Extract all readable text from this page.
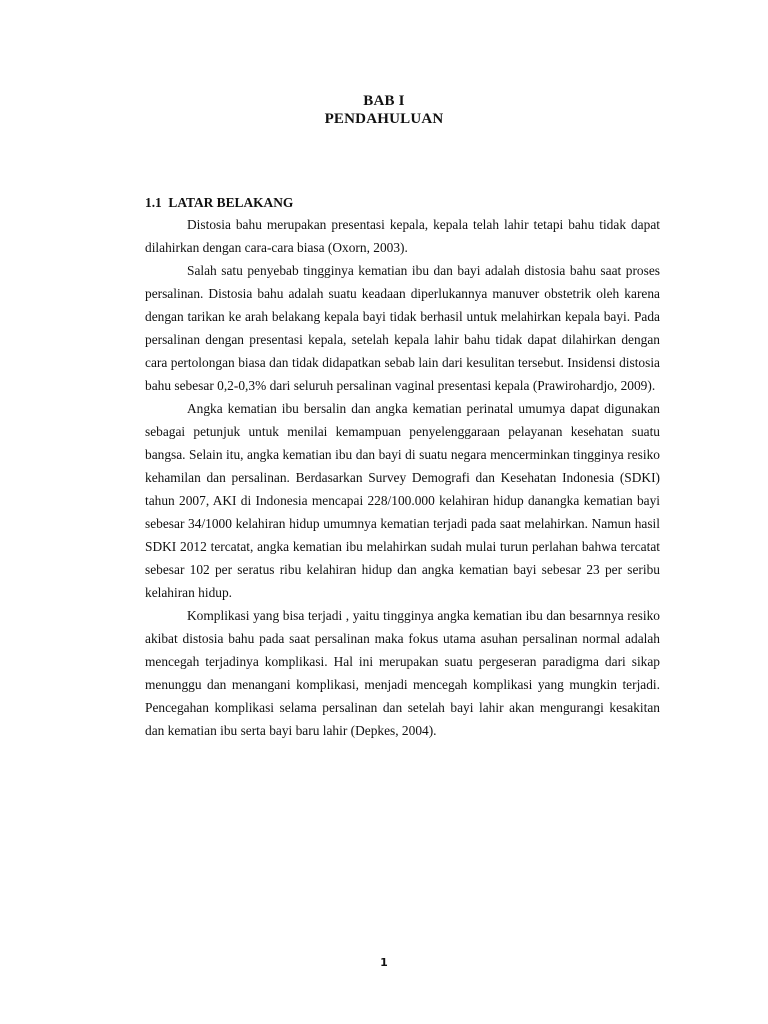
BAB I
PENDAHULUAN
1.1  LATAR BELAKANG

Distosia bahu merupakan presentasi kepala, kepala telah lahir tetapi bahu tidak dapat dilahirkan dengan cara-cara biasa (Oxorn, 2003).

Salah satu penyebab tingginya kematian ibu dan bayi adalah distosia bahu saat proses persalinan. Distosia bahu adalah suatu keadaan diperlukannya manuver obstetrik oleh karena dengan tarikan ke arah belakang kepala bayi tidak berhasil untuk melahirkan kepala bayi. Pada persalinan dengan presentasi kepala, setelah kepala lahir bahu tidak dapat dilahirkan dengan cara pertolongan biasa dan tidak didapatkan sebab lain dari kesulitan tersebut. Insidensi distosia bahu sebesar 0,2-0,3% dari seluruh persalinan vaginal presentasi kepala (Prawirohardjo, 2009).

Angka kematian ibu bersalin dan angka kematian perinatal umumya dapat digunakan sebagai petunjuk untuk menilai kemampuan penyelenggaraan pelayanan kesehatan suatu bangsa. Selain itu, angka kematian ibu dan bayi di suatu negara mencerminkan tingginya resiko kehamilan dan persalinan. Berdasarkan Survey Demografi dan Kesehatan Indonesia (SDKI) tahun 2007, AKI di Indonesia mencapai 228/100.000 kelahiran hidup danangka kematian bayi sebesar 34/1000 kelahiran hidup umumnya kematian terjadi pada saat melahirkan. Namun hasil SDKI 2012 tercatat, angka kematian ibu melahirkan sudah mulai turun perlahan bahwa tercatat sebesar 102 per seratus ribu kelahiran hidup dan angka kematian bayi sebesar 23 per seribu kelahiran hidup.

Komplikasi yang bisa terjadi , yaitu tingginya angka kematian ibu dan besarnnya resiko akibat distosia bahu pada saat persalinan maka fokus utama asuhan persalinan normal adalah mencegah terjadinya komplikasi. Hal ini merupakan suatu pergeseran paradigma dari sikap menunggu dan menangani komplikasi, menjadi mencegah komplikasi yang mungkin terjadi. Pencegahan komplikasi selama persalinan dan setelah bayi lahir akan mengurangi kesakitan dan kematian ibu serta bayi baru lahir (Depkes, 2004).

1
